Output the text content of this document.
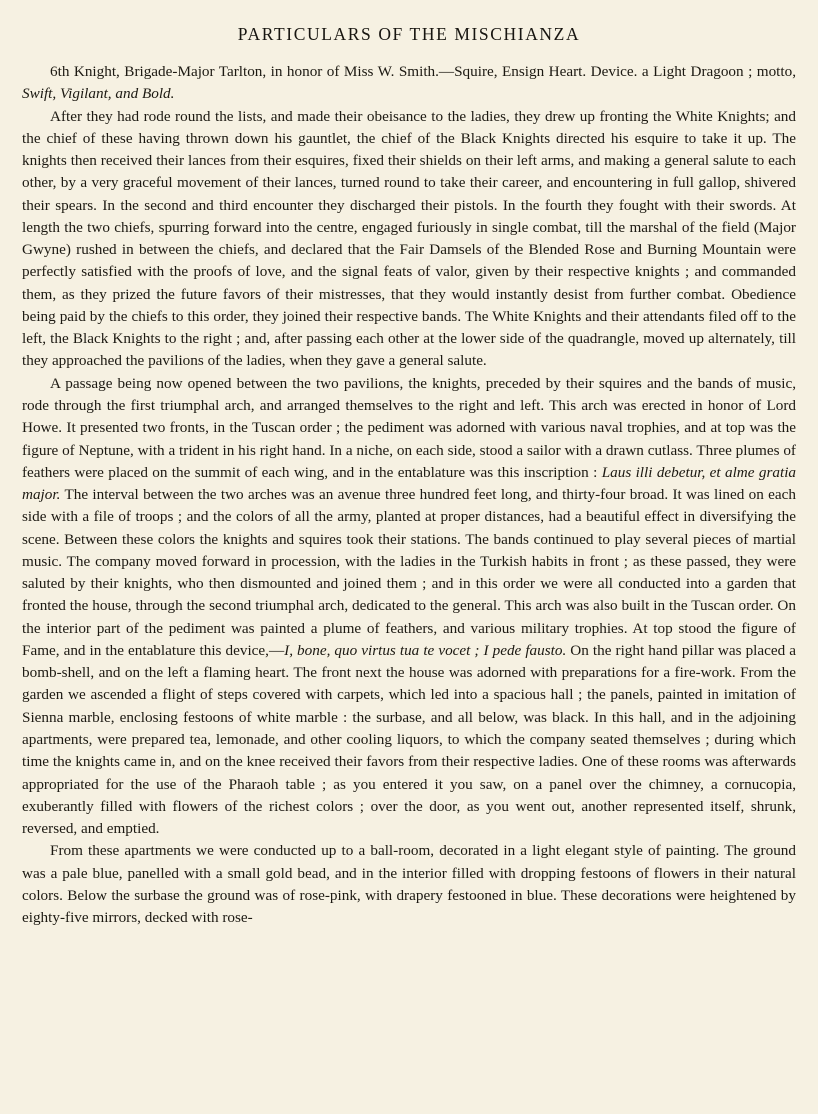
PARTICULARS OF THE MISCHIANZA

6th Knight, Brigade-Major Tarlton, in honor of Miss W. Smith.—Squire, Ensign Heart. Device. a Light Dragoon ; motto, Swift, Vigilant, and Bold.

After they had rode round the lists, and made their obeisance to the ladies, they drew up fronting the White Knights; and the chief of these having thrown down his gauntlet, the chief of the Black Knights directed his esquire to take it up. The knights then received their lances from their esquires, fixed their shields on their left arms, and making a general salute to each other, by a very graceful movement of their lances, turned round to take their career, and encountering in full gallop, shivered their spears. In the second and third encounter they discharged their pistols. In the fourth they fought with their swords. At length the two chiefs, spurring forward into the centre, engaged furiously in single combat, till the marshal of the field (Major Gwyne) rushed in between the chiefs, and declared that the Fair Damsels of the Blended Rose and Burning Mountain were perfectly satisfied with the proofs of love, and the signal feats of valor, given by their respective knights ; and commanded them, as they prized the future favors of their mistresses, that they would instantly desist from further combat. Obedience being paid by the chiefs to this order, they joined their respective bands. The White Knights and their attendants filed off to the left, the Black Knights to the right ; and, after passing each other at the lower side of the quadrangle, moved up alternately, till they approached the pavilions of the ladies, when they gave a general salute.

A passage being now opened between the two pavilions, the knights, preceded by their squires and the bands of music, rode through the first triumphal arch, and arranged themselves to the right and left. This arch was erected in honor of Lord Howe. It presented two fronts, in the Tuscan order ; the pediment was adorned with various naval trophies, and at top was the figure of Neptune, with a trident in his right hand. In a niche, on each side, stood a sailor with a drawn cutlass. Three plumes of feathers were placed on the summit of each wing, and in the entablature was this inscription : Laus illi debetur, et alme gratia major. The interval between the two arches was an avenue three hundred feet long, and thirty-four broad. It was lined on each side with a file of troops ; and the colors of all the army, planted at proper distances, had a beautiful effect in diversifying the scene. Between these colors the knights and squires took their stations. The bands continued to play several pieces of martial music. The company moved forward in procession, with the ladies in the Turkish habits in front ; as these passed, they were saluted by their knights, who then dismounted and joined them ; and in this order we were all conducted into a garden that fronted the house, through the second triumphal arch, dedicated to the general. This arch was also built in the Tuscan order. On the interior part of the pediment was painted a plume of feathers, and various military trophies. At top stood the figure of Fame, and in the entablature this device,—I, bone, quo virtus tua te vocet ; I pede fausto. On the right hand pillar was placed a bomb-shell, and on the left a flaming heart. The front next the house was adorned with preparations for a fire-work. From the garden we ascended a flight of steps covered with carpets, which led into a spacious hall ; the panels, painted in imitation of Sienna marble, enclosing festoons of white marble : the surbase, and all below, was black. In this hall, and in the adjoining apartments, were prepared tea, lemonade, and other cooling liquors, to which the company seated themselves ; during which time the knights came in, and on the knee received their favors from their respective ladies. One of these rooms was afterwards appropriated for the use of the Pharaoh table ; as you entered it you saw, on a panel over the chimney, a cornucopia, exuberantly filled with flowers of the richest colors ; over the door, as you went out, another represented itself, shrunk, reversed, and emptied.

From these apartments we were conducted up to a ball-room, decorated in a light elegant style of painting. The ground was a pale blue, panelled with a small gold bead, and in the interior filled with dropping festoons of flowers in their natural colors. Below the surbase the ground was of rose-pink, with drapery festooned in blue. These decorations were heightened by eighty-five mirrors, decked with rose-
